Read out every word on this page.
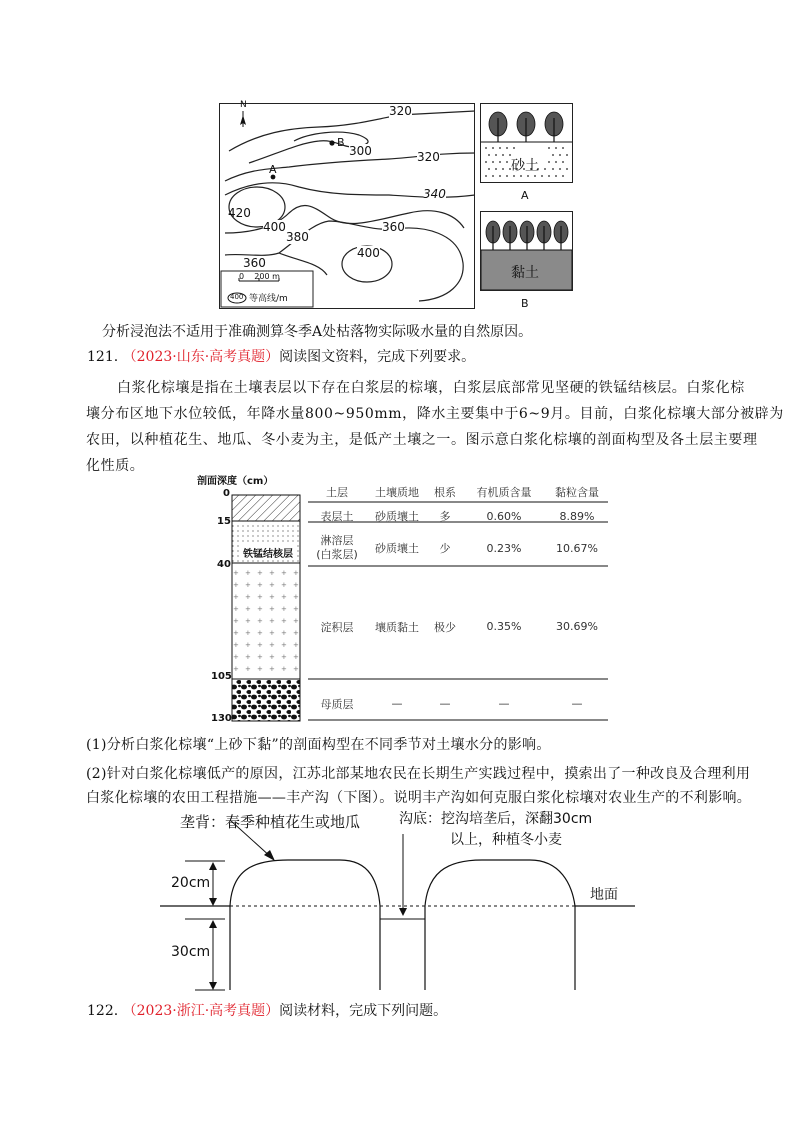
N	320
300	320
340
420
400
380
360
400
360
A
B
0    200 m
400 等高线/m
砂土
A
黏土
B
分析浸泡法不适用于准确测算冬季A处枯落物实际吸水量的自然原因。
121. （2023·山东·高考真题）阅读图文资料，完成下列要求。
白浆化棕壤是指在土壤表层以下存在白浆层的棕壤，白浆层底部常见坚硬的铁锰结核层。白浆化棕
壤分布区地下水位较低，年降水量800~950mm，降水主要集中于6~9月。目前，白浆化棕壤大部分被辟为
农田，以种植花生、地瓜、冬小麦为主，是低产土壤之一。图示意白浆化棕壤的剖面构型及各土层主要理
化性质。
剖面深度（cm）
0
15
40
105
130
铁锰结核层
土层	土壤质地	根系	有机质含量	黏粒含量
表层土	砂质壤土	多	0.60%	8.89%
淋溶层
(白浆层)	砂质壤土	少	0.23%	10.67%
淀积层	壤质黏土	极少	0.35%	30.69%
母质层	—	—	—	—
(1)分析白浆化棕壤“上砂下黏”的剖面构型在不同季节对土壤水分的影响。
(2)针对白浆化棕壤低产的原因，江苏北部某地农民在长期生产实践过程中，摸索出了一种改良及合理利用
白浆化棕壤的农田工程措施——丰产沟（下图）。说明丰产沟如何克服白浆化棕壤对农业生产的不利影响。
垄背：春季种植花生或地瓜	沟底：挖沟培垄后，深翻30cm
以上，种植冬小麦
20cm
30cm
地面
122. （2023·浙江·高考真题）阅读材料，完成下列问题。
